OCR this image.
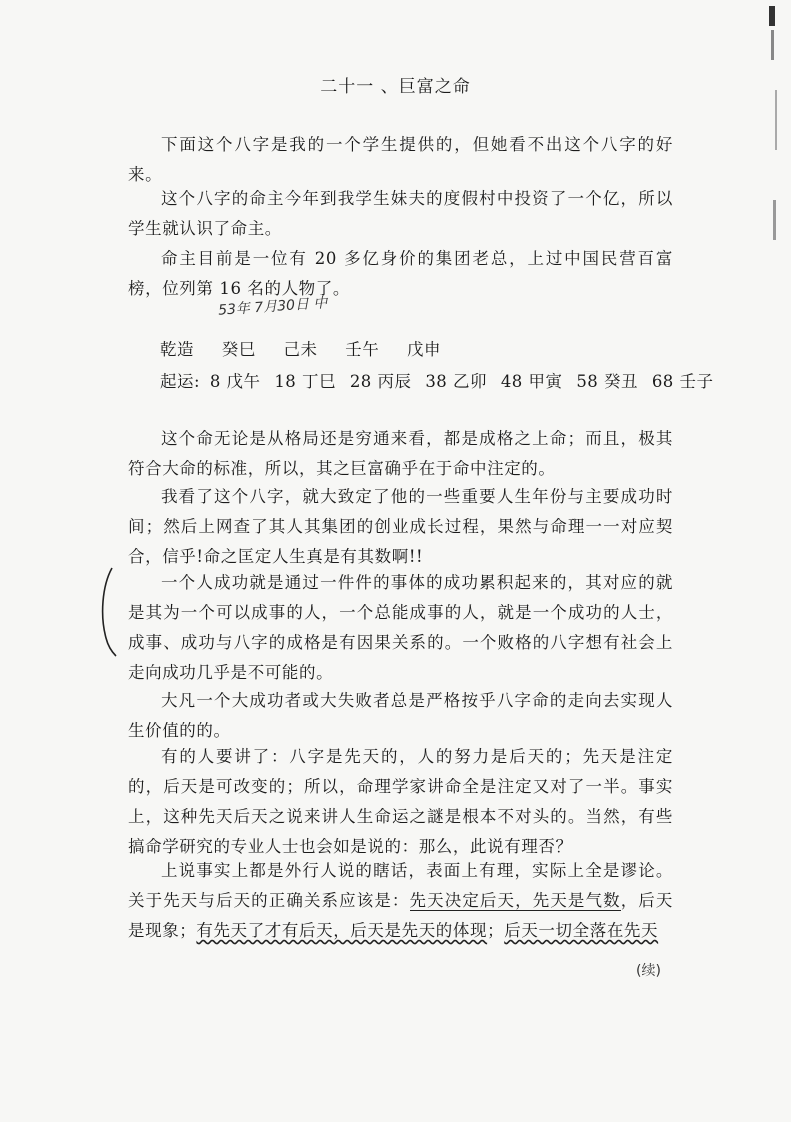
二十一 、巨富之命
下面这个八字是我的一个学生提供的，但她看不出这个八字的好来。
这个八字的命主今年到我学生妹夫的度假村中投资了一个亿，所以学生就认识了命主。
命主目前是一位有 20 多亿身价的集团老总，上过中国民营百富榜，位列第 16 名的人物了。
53年 7月30日 中
乾造 癸巳 己未 壬午 戊申
起运: 8 戊午 18 丁巳 28 丙辰 38 乙卯 48 甲寅 58 癸丑 68 壬子
这个命无论是从格局还是穷通来看，都是成格之上命；而且，极其符合大命的标准，所以，其之巨富确乎在于命中注定的。
我看了这个八字，就大致定了他的一些重要人生年份与主要成功时间；然后上网查了其人其集团的创业成长过程，果然与命理一一对应契合，信乎!命之匡定人生真是有其数啊!!
一个人成功就是通过一件件的事体的成功累积起来的，其对应的就是其为一个可以成事的人，一个总能成事的人，就是一个成功的人士，成事、成功与八字的成格是有因果关系的。一个败格的八字想有社会上走向成功几乎是不可能的。
大凡一个大成功者或大失败者总是严格按乎八字命的走向去实现人生价值的的。
有的人要讲了：八字是先天的，人的努力是后天的；先天是注定的，后天是可改变的；所以，命理学家讲命全是注定又对了一半。事实上，这种先天后天之说来讲人生命运之謎是根本不对头的。当然，有些搞命学研究的专业人士也会如是说的：那么，此说有理否？
上说事实上都是外行人说的瞎话，表面上有理，实际上全是谬论。关于先天与后天的正确关系应该是：先天决定后天，先天是气数，后天是现象；有先天了才有后天，后天是先天的体现；后天一切全落在先天
(续)
